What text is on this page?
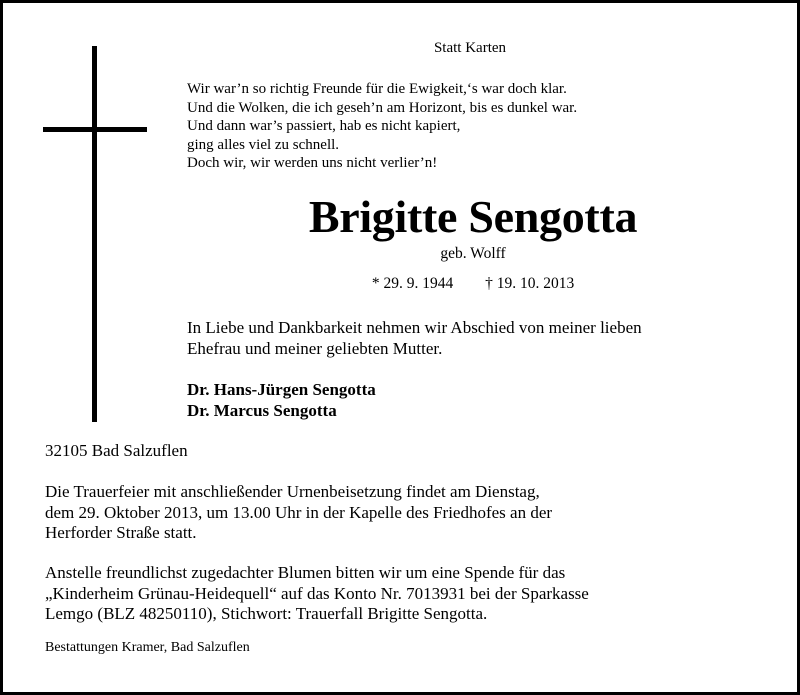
Statt Karten
Wir war’n so richtig Freunde für die Ewigkeit,‘s war doch klar.
Und die Wolken, die ich geseh’n am Horizont, bis es dunkel war.
Und dann war’s passiert, hab es nicht kapiert,
ging alles viel zu schnell.
Doch wir, wir werden uns nicht verlier’n!
Brigitte Sengotta
geb. Wolff
* 29. 9. 1944 † 19. 10. 2013
In Liebe und Dankbarkeit nehmen wir Abschied von meiner lieben
Ehefrau und meiner geliebten Mutter.
Dr. Hans-Jürgen Sengotta
Dr. Marcus Sengotta
32105 Bad Salzuflen
Die Trauerfeier mit anschließender Urnenbeisetzung findet am Dienstag,
dem 29. Oktober 2013, um 13.00 Uhr in der Kapelle des Friedhofes an der
Herforder Straße statt.
Anstelle freundlichst zugedachter Blumen bitten wir um eine Spende für das
„Kinderheim Grünau-Heidequell“ auf das Konto Nr. 7013931 bei der Sparkasse
Lemgo (BLZ 48250110), Stichwort: Trauerfall Brigitte Sengotta.
Bestattungen Kramer, Bad Salzuflen
